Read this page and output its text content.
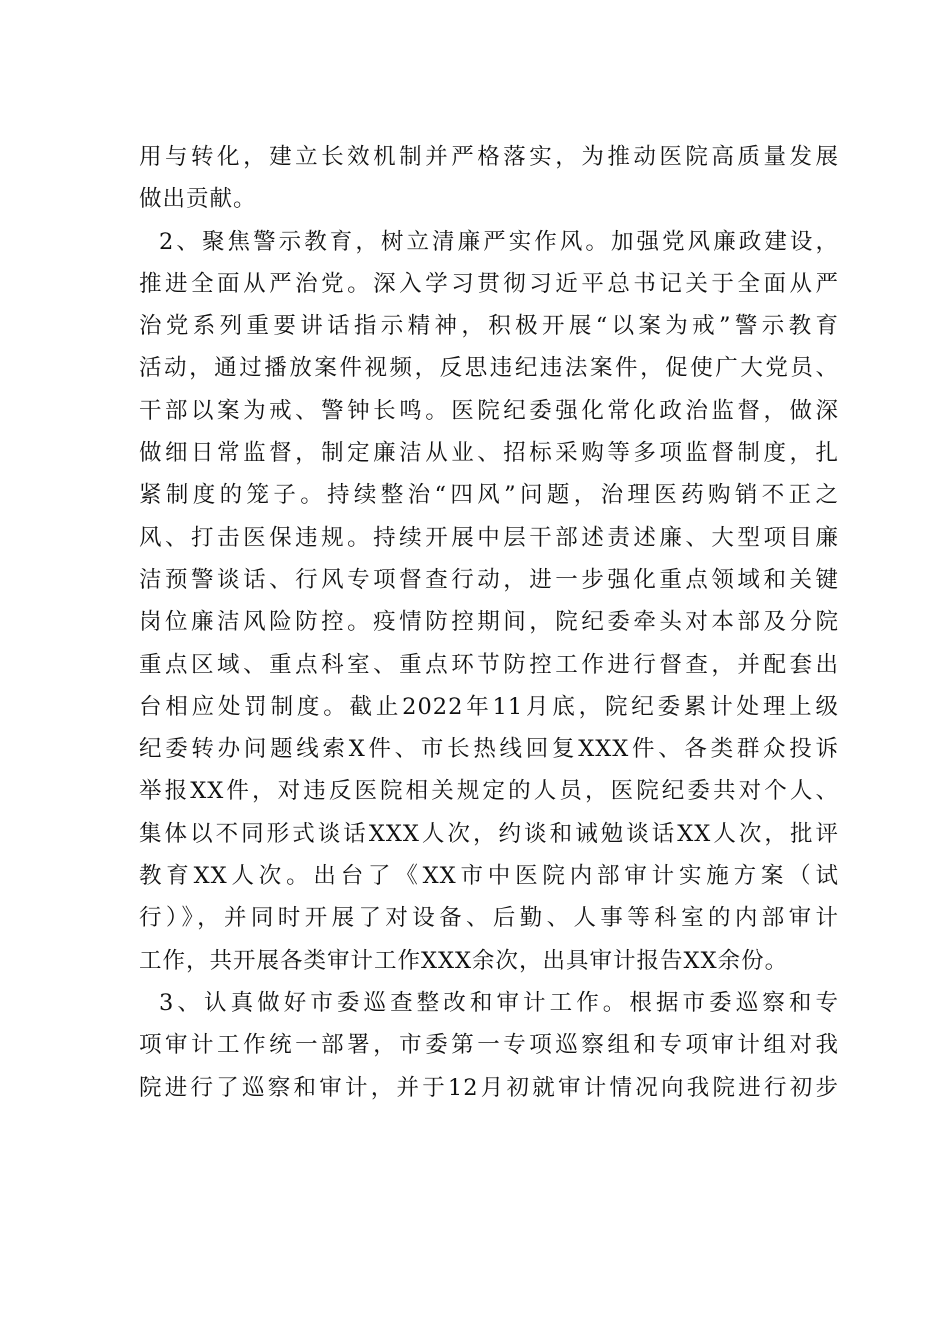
用与转化，建立长效机制并严格落实，为推动医院高质量发展
做出贡献。
2、聚焦警示教育，树立清廉严实作风。加强党风廉政建设，
推进全面从严治党。深入学习贯彻习近平总书记关于全面从严
治党系列重要讲话指示精神，积极开展“以案为戒”警示教育
活动，通过播放案件视频，反思违纪违法案件，促使广大党员、
干部以案为戒、警钟长鸣。医院纪委强化常化政治监督，做深
做细日常监督，制定廉洁从业、招标采购等多项监督制度，扎
紧制度的笼子。持续整治“四风”问题，治理医药购销不正之
风、打击医保违规。持续开展中层干部述责述廉、大型项目廉
洁预警谈话、行风专项督查行动，进一步强化重点领域和关键
岗位廉洁风险防控。疫情防控期间，院纪委牵头对本部及分院
重点区域、重点科室、重点环节防控工作进行督查，并配套出
台相应处罚制度。截止2022年11月底，院纪委累计处理上级
纪委转办问题线索X件、市长热线回复XXX件、各类群众投诉
举报XX件，对违反医院相关规定的人员，医院纪委共对个人、
集体以不同形式谈话XXX人次，约谈和诫勉谈话XX人次，批评
教育XX人次。出台了《XX市中医院内部审计实施方案（试
行）》，并同时开展了对设备、后勤、人事等科室的内部审计
工作，共开展各类审计工作XXX余次，出具审计报告XX余份。
3、认真做好市委巡查整改和审计工作。根据市委巡察和专
项审计工作统一部署，市委第一专项巡察组和专项审计组对我
院进行了巡察和审计，并于12月初就审计情况向我院进行初步
